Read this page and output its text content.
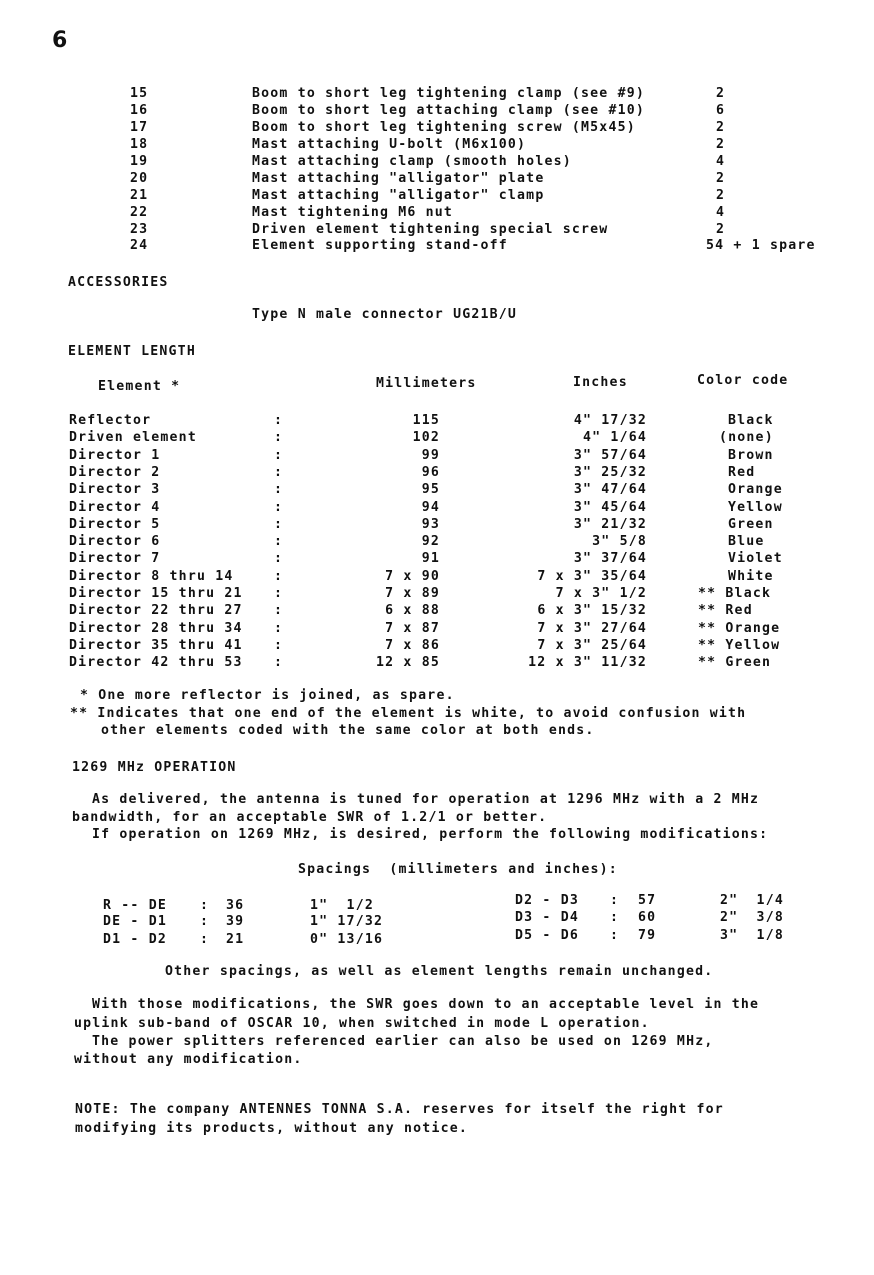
6
15	Boom to short leg tightening clamp (see #9)	2
16	Boom to short leg attaching clamp (see #10)	6
17	Boom to short leg tightening screw (M5x45)	2
18	Mast attaching U-bolt (M6x100)	2
19	Mast attaching clamp (smooth holes)	4
20	Mast attaching "alligator" plate	2
21	Mast attaching "alligator" clamp	2
22	Mast tightening M6 nut	4
23	Driven element tightening special screw	2
24	Element supporting stand-off	54 + 1 spare
ACCESSORIES
Type N male connector UG21B/U
ELEMENT LENGTH
Element *	Millimeters	Inches	Color code
Reflector	:	115	4" 17/32	Black
Driven element	:	102	4" 1/64	(none)
Director 1	:	99	3" 57/64	Brown
Director 2	:	96	3" 25/32	Red
Director 3	:	95	3" 47/64	Orange
Director 4	:	94	3" 45/64	Yellow
Director 5	:	93	3" 21/32	Green
Director 6	:	92	3" 5/8	Blue
Director 7	:	91	3" 37/64	Violet
Director 8 thru 14	:	7 x 90	7 x 3" 35/64	White
Director 15 thru 21 :	7 x 89	7 x 3" 1/2	** Black
Director 22 thru 27 :	6 x 88	6 x 3" 15/32	** Red
Director 28 thru 34 :	7 x 87	7 x 3" 27/64	** Orange
Director 35 thru 41 :	7 x 86	7 x 3" 25/64	** Yellow
Director 42 thru 53 :	12 x 85	12 x 3" 11/32	** Green
* One more reflector is joined, as spare.
** Indicates that one end of the element is white, to avoid confusion with
other elements coded with the same color at both ends.
1269 MHz OPERATION
As delivered, the antenna is tuned for operation at 1296 MHz with a 2 MHz
bandwidth, for an acceptable SWR of 1.2/1 or better.
If operation on 1269 MHz, is desired, perform the following modifications:
Spacings  (millimeters and inches):
R -- DE	: 36	1"  1/2
DE - D1	: 39	1" 17/32
D1 - D2	: 21	0" 13/16
D2 - D3 : 57	2"  1/4
D3 - D4 : 60	2"  3/8
D5 - D6 : 79	3"  1/8
Other spacings, as well as element lengths remain unchanged.
With those modifications, the SWR goes down to an acceptable level in the
uplink sub-band of OSCAR 10, when switched in mode L operation.
The power splitters referenced earlier can also be used on 1269 MHz,
without any modification.
NOTE: The company ANTENNES TONNA S.A. reserves for itself the right for
modifying its products, without any notice.
